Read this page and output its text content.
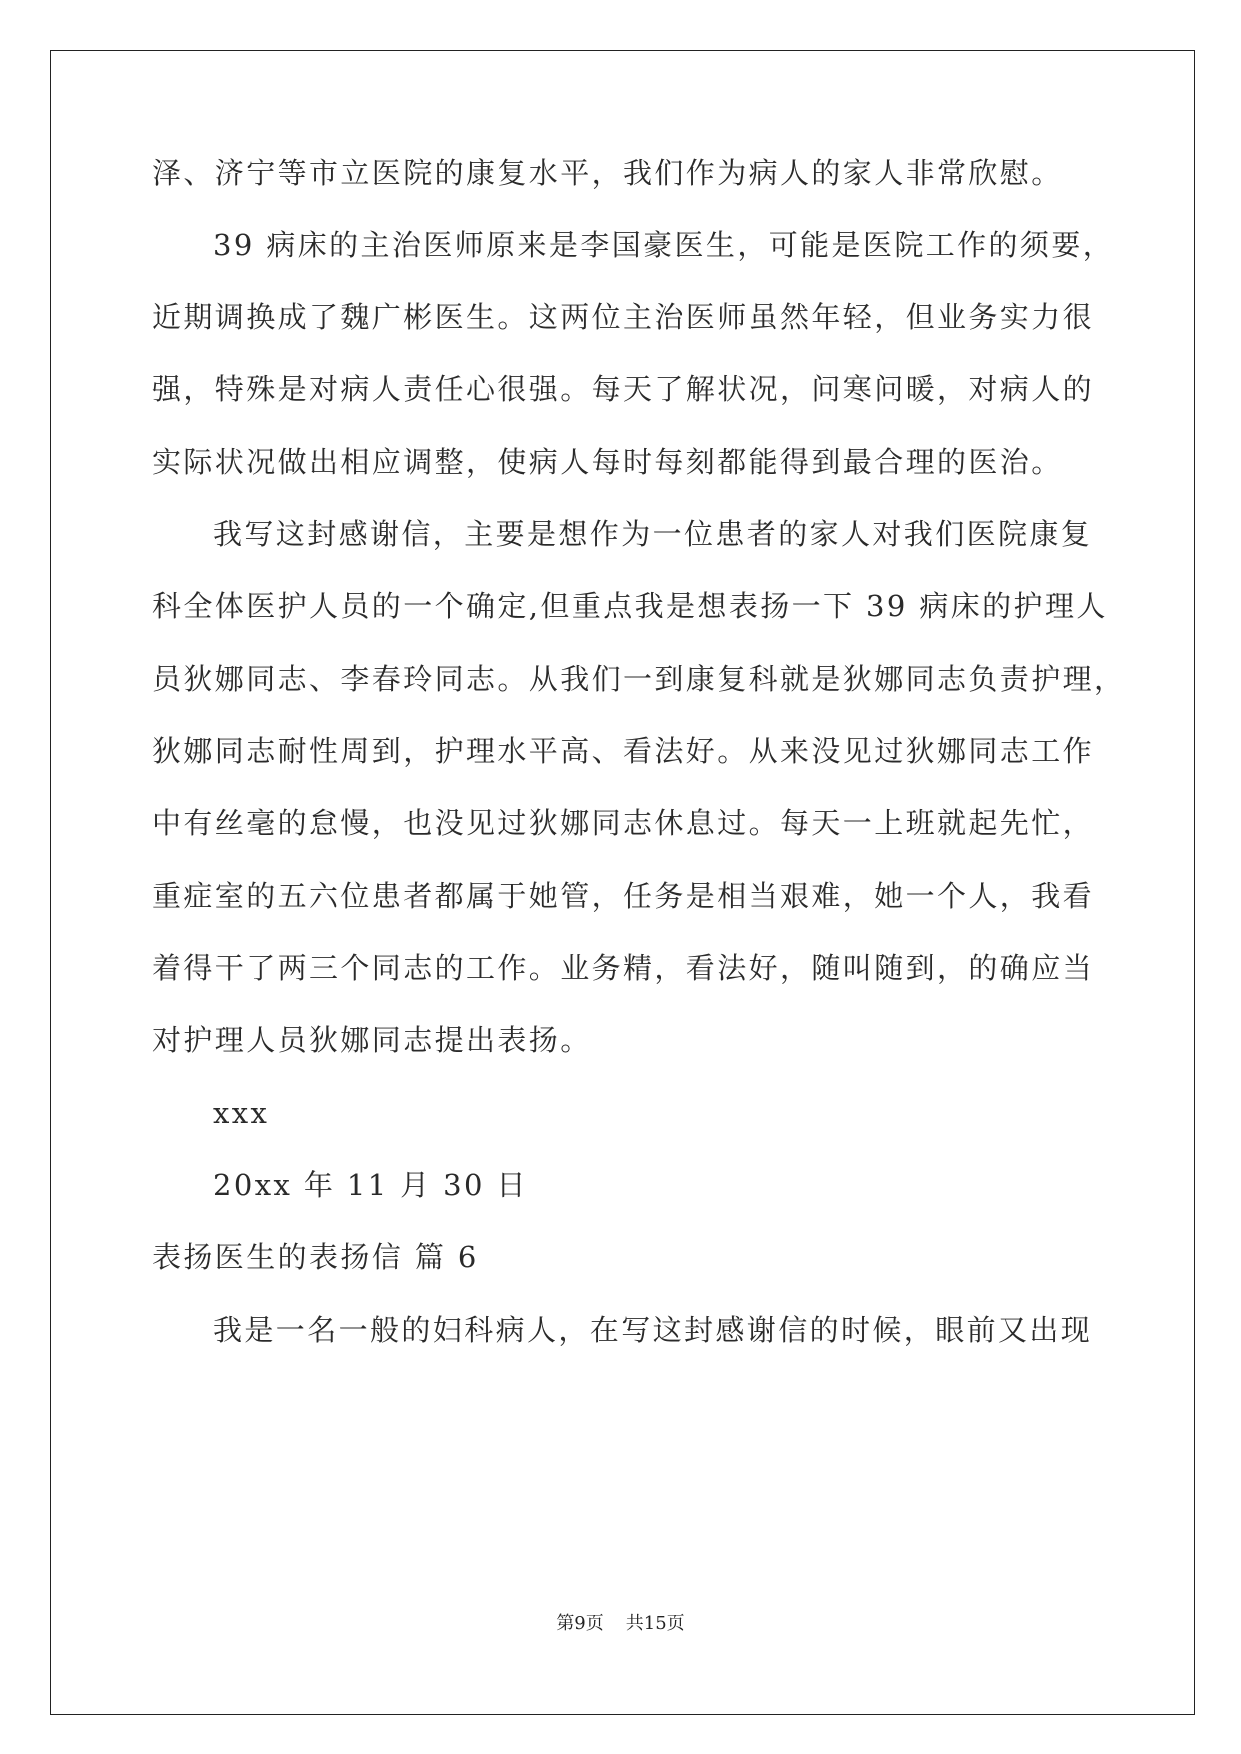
泽、济宁等市立医院的康复水平，我们作为病人的家人非常欣慰。

39 病床的主治医师原来是李国豪医生，可能是医院工作的须要，

近期调换成了魏广彬医生。这两位主治医师虽然年轻，但业务实力很

强，特殊是对病人责任心很强。每天了解状况，问寒问暖，对病人的

实际状况做出相应调整，使病人每时每刻都能得到最合理的医治。

我写这封感谢信，主要是想作为一位患者的家人对我们医院康复

科全体医护人员的一个确定,但重点我是想表扬一下 39 病床的护理人

员狄娜同志、李春玲同志。从我们一到康复科就是狄娜同志负责护理，

狄娜同志耐性周到，护理水平高、看法好。从来没见过狄娜同志工作

中有丝毫的怠慢，也没见过狄娜同志休息过。每天一上班就起先忙，

重症室的五六位患者都属于她管，任务是相当艰难，她一个人，我看

着得干了两三个同志的工作。业务精，看法好，随叫随到，的确应当

对护理人员狄娜同志提出表扬。

xxx

20xx 年 11 月 30 日

表扬医生的表扬信 篇 6

我是一名一般的妇科病人，在写这封感谢信的时候，眼前又出现

第9页 共15页
